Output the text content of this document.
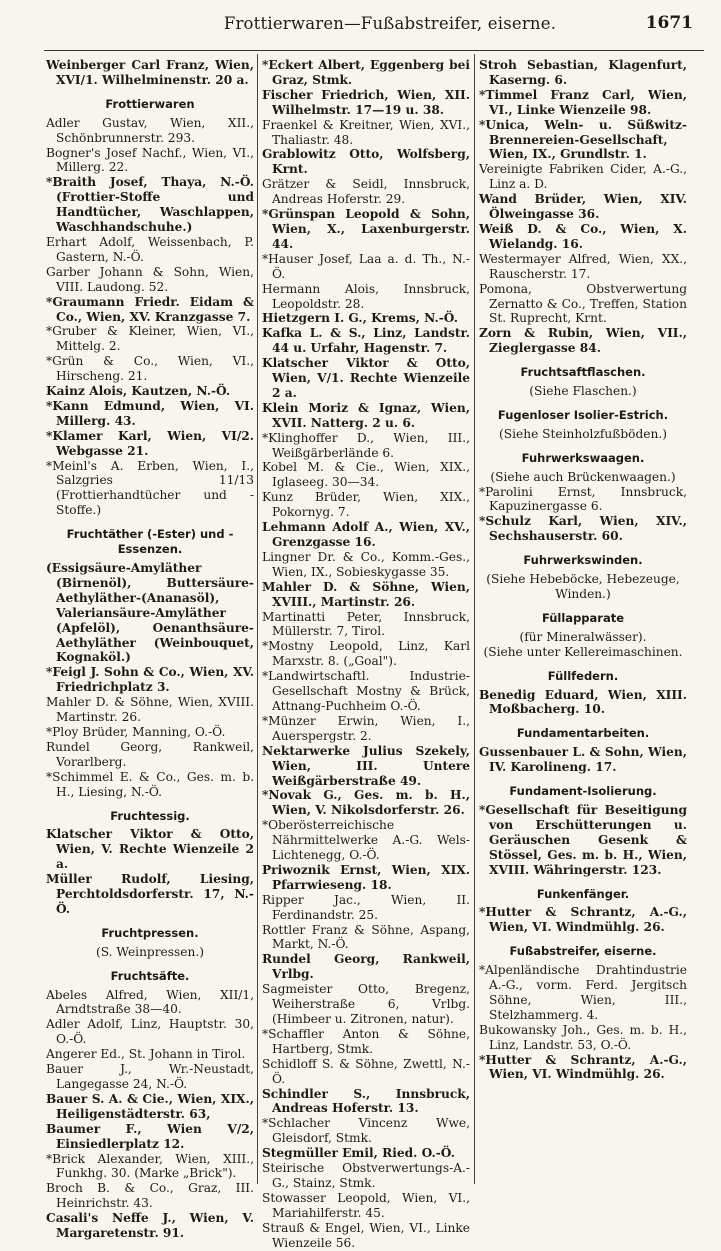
Frottierwaren—Fußabstreifer, eiserne.	1671
Weinberger Carl Franz, Wien, XVI/1. Wilhelminenstr. 20 a.
Frottierwaren
Adler Gustav, Wien, XII., Schönbrunnerstr. 293.
Bogner's Josef Nachf., Wien, VI., Millerg. 22.
*Braith Josef, Thaya, N.-Ö. (Frottier-Stoffe und Handtücher, Waschlappen, Waschhandschuhe.)
Erhart Adolf, Weissenbach, P. Gastern, N.-Ö.
Garber Johann & Sohn, Wien, VIII. Laudong. 52.
*Graumann Friedr. Eidam & Co., Wien, XV. Kranzgasse 7.
*Gruber & Kleiner, Wien, VI., Mittelg. 2.
*Grün & Co., Wien, VI., Hirscheng. 21.
Kainz Alois, Kautzen, N.-Ö.
*Kann Edmund, Wien, VI. Millerg. 43.
*Klamer Karl, Wien, VI/2. Webgasse 21.
*Meinl's A. Erben, Wien, I., Salzgries 11/13 (Frottierhandtücher und -Stoffe.)
Fruchtäther (-Ester) und -Essenzen.
(Essigsäure-Amyläther (Birnenöl), Buttersäure-Aethyläther-(Ananasöl), Valeriansäure-Amyläther (Apfelöl), Oenanthsäure-Aethyläther (Weinbouquet, Kognaköl.)
*Feigl J. Sohn & Co., Wien, XV. Friedrichplatz 3.
Mahler D. & Söhne, Wien, XVIII. Martinstr. 26.
*Ploy Brüder, Manning, O.-Ö.
Rundel Georg, Rankweil, Vorarlberg.
*Schimmel E. & Co., Ges. m. b. H., Liesing, N.-Ö.
Fruchtessig.
Klatscher Viktor & Otto, Wien, V. Rechte Wienzeile 2 a.
Müller Rudolf, Liesing, Perchtoldsdorferstr. 17, N.-Ö.
Fruchtpressen.
(S. Weinpressen.)
Fruchtsäfte.
Abeles Alfred, Wien, XII/1, Arndtstraße 38—40.
Adler Adolf, Linz, Hauptstr. 30, O.-Ö.
Angerer Ed., St. Johann in Tirol.
Bauer J., Wr.-Neustadt, Langegasse 24, N.-Ö.
Bauer S. A. & Cie., Wien, XIX., Heiligenstädterstr. 63,
Baumer F., Wien V/2, Einsiedlerplatz 12.
*Brick Alexander, Wien, XIII., Funkhg. 30. (Marke „Brick").
Broch B. & Co., Graz, III. Heinrichstr. 43.
Casali's Neffe J., Wien, V. Margaretenstr. 91.
*Eckert Albert, Eggenberg bei Graz, Stmk.
Fischer Friedrich, Wien, XII. Wilhelmstr. 17—19 u. 38.
Fraenkel & Kreitner, Wien, XVI., Thaliastr. 48.
Grablowitz Otto, Wolfsberg, Krnt.
Grätzer & Seidl, Innsbruck, Andreas Hoferstr. 29.
*Grünspan Leopold & Sohn, Wien, X., Laxenburgerstr. 44.
*Hauser Josef, Laa a. d. Th., N.-Ö.
Hermann Alois, Innsbruck, Leopoldstr. 28.
Hietzgern I. G., Krems, N.-Ö.
Kafka L. & S., Linz, Landstr. 44 u. Urfahr, Hagenstr. 7.
Klatscher Viktor & Otto, Wien, V/1. Rechte Wienzeile 2 a.
Klein Moriz & Ignaz, Wien, XVII. Natterg. 2 u. 6.
*Klinghoffer D., Wien, III., Weißgärberlände 6.
Kobel M. & Cie., Wien, XIX., Iglaseeg. 30—34.
Kunz Brüder, Wien, XIX., Pokornyg. 7.
Lehmann Adolf A., Wien, XV., Grenzgasse 16.
Lingner Dr. & Co., Komm.-Ges., Wien, IX., Sobieskygasse 35.
Mahler D. & Söhne, Wien, XVIII., Martinstr. 26.
Martinatti Peter, Innsbruck, Müllerstr. 7, Tirol.
*Mostny Leopold, Linz, Karl Marxstr. 8. („Goal").
*Landwirtschaftl. Industrie-Gesellschaft Mostny & Brück, Attnang-Puchheim O.-Ö.
*Münzer Erwin, Wien, I., Auerspergstr. 2.
Nektarwerke Julius Szekely, Wien, III. Untere Weißgärberstraße 49.
*Novak G., Ges. m. b. H., Wien, V. Nikolsdorferstr. 26.
*Oberösterreichische Nährmittelwerke A.-G. Wels-Lichtenegg, O.-Ö.
Priwoznik Ernst, Wien, XIX. Pfarrwieseng. 18.
Ripper Jac., Wien, II. Ferdinandstr. 25.
Rottler Franz & Söhne, Aspang, Markt, N.-Ö.
Rundel Georg, Rankweil, Vrlbg.
Sagmeister Otto, Bregenz, Weiherstraße 6, Vrlbg. (Himbeer u. Zitronen, natur).
*Schaffler Anton & Söhne, Hartberg, Stmk.
Schidloff S. & Söhne, Zwettl, N.-Ö.
Schindler S., Innsbruck, Andreas Hoferstr. 13.
*Schlacher Vincenz Wwe, Gleisdorf, Stmk.
Stegmüller Emil, Ried. O.-Ö.
Steirische Obstverwertungs-A.-G., Stainz, Stmk.
Stowasser Leopold, Wien, VI., Mariahilferstr. 45.
Strauß & Engel, Wien, VI., Linke Wienzeile 56.
Stroh Sebastian, Klagenfurt, Kaserng. 6.
*Timmel Franz Carl, Wien, VI., Linke Wienzeile 98.
*Unica, Weln- u. Süßwitz-Brennereien-Gesellschaft, Wien, IX., Grundlstr. 1.
Vereinigte Fabriken Cider, A.-G., Linz a. D.
Wand Brüder, Wien, XIV. Ölweingasse 36.
Weiß D. & Co., Wien, X. Wielandg. 16.
Westermayer Alfred, Wien, XX., Rauscherstr. 17.
Pomona, Obstverwertung Zernatto & Co., Treffen, Station St. Ruprecht, Krnt.
Zorn & Rubin, Wien, VII., Zieglergasse 84.
Fruchtsaftflaschen.
(Siehe Flaschen.)
Fugenloser Isolier-Estrich.
(Siehe Steinholzfußböden.)
Fuhrwerkswaagen.
(Siehe auch Brückenwaagen.)
*Parolini Ernst, Innsbruck, Kapuzinergasse 6.
*Schulz Karl, Wien, XIV., Sechshauserstr. 60.
Fuhrwerkswinden.
(Siehe Hebeböcke, Hebezeuge, Winden.)
Füllapparate
(für Mineralwässer).
(Siehe unter Kellereimaschinen.
Füllfedern.
Benedig Eduard, Wien, XIII. Moßbacherg. 10.
Fundamentarbeiten.
Gussenbauer L. & Sohn, Wien, IV. Karolineng. 17.
Fundament-Isolierung.
*Gesellschaft für Beseitigung von Erschütterungen u. Geräuschen Gesenk & Stössel, Ges. m. b. H., Wien, XVIII. Währingerstr. 123.
Funkenfänger.
*Hutter & Schrantz, A.-G., Wien, VI. Windmühlg. 26.
Fußabstreifer, eiserne.
*Alpenländische Drahtindustrie A.-G., vorm. Ferd. Jergitsch Söhne, Wien, III., Stelzhammerg. 4.
Bukowansky Joh., Ges. m. b. H., Linz, Landstr. 53, O.-Ö.
*Hutter & Schrantz, A.-G., Wien, VI. Windmühlg. 26.
